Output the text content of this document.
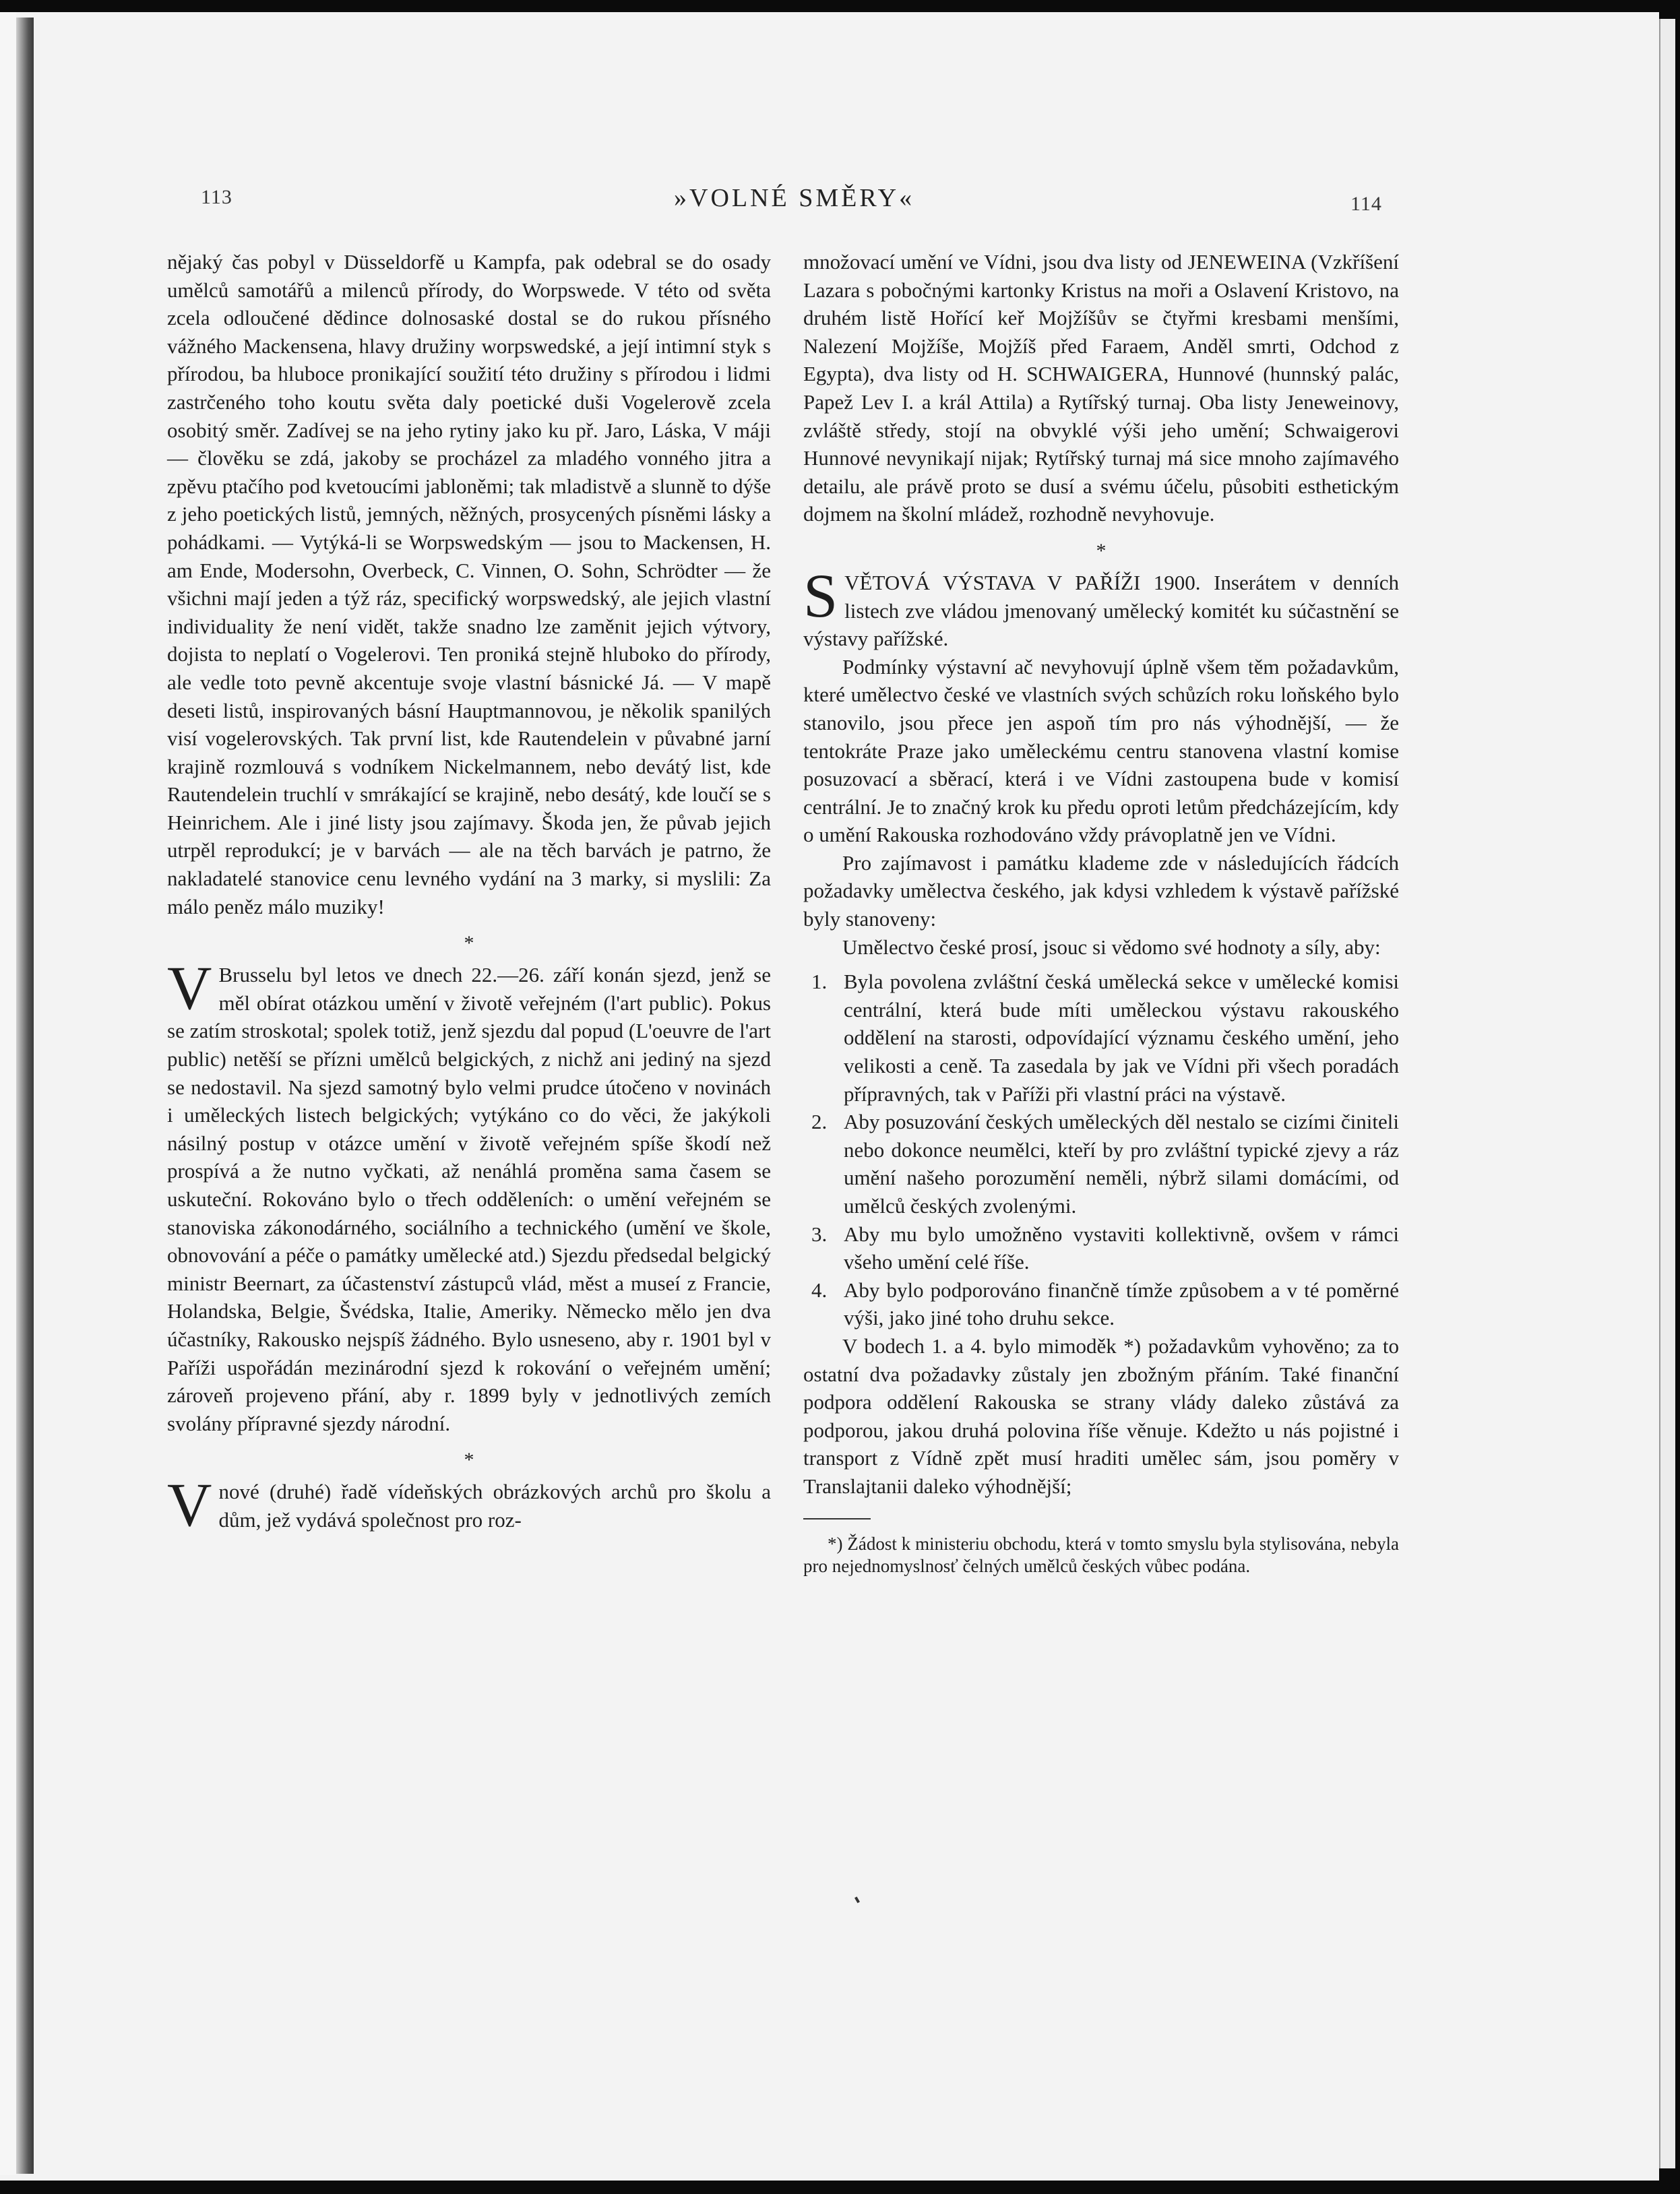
113	»VOLNÉ SMĚRY«	114

nějaký čas pobyl v Düsseldorfě u Kampfa, pak odebral se do osady umělců samotářů a milenců přírody, do Worpswede. V této od světa zcela odloučené dědince dolnosaské dostal se do rukou přísného vážného Mackensena, hlavy družiny worpswedské, a její intimní styk s přírodou, ba hluboce pronikající soužití této družiny s přírodou i lidmi zastrčeného toho koutu světa daly poetické duši Vogelerově zcela osobitý směr. Zadívej se na jeho rytiny jako ku př. Jaro, Láska, V máji — člověku se zdá, jakoby se procházel za mladého vonného jitra a zpěvu ptačího pod kvetoucími jabloněmi; tak mladistvě a slunně to dýše z jeho poetických listů, jemných, něžných, prosycených písněmi lásky a pohádkami. — Vytýká-li se Worpswedským — jsou to Mackensen, H. am Ende, Modersohn, Overbeck, C. Vinnen, O. Sohn, Schrödter — že všichni mají jeden a týž ráz, specifický worpswedský, ale jejich vlastní individuality že není vidět, takže snadno lze zaměnit jejich výtvory, dojista to neplatí o Vogelerovi. Ten proniká stejně hluboko do přírody, ale vedle toto pevně akcentuje svoje vlastní básnické Já. — V mapě deseti listů, inspirovaných básní Hauptmannovou, je několik spanilých visí vogelerovských. Tak první list, kde Rautendelein v půvabné jarní krajině rozmlouvá s vodníkem Nickelmannem, nebo devátý list, kde Rautendelein truchlí v smrákající se krajině, nebo desátý, kde loučí se s Heinrichem. Ale i jiné listy jsou zajímavy. Škoda jen, že půvab jejich utrpěl reprodukcí; je v barvách — ale na těch barvách je patrno, že nakladatelé stanovice cenu levného vydání na 3 marky, si myslili: Za málo peněz málo muziky!

*

V Brusselu byl letos ve dnech 22.—26. září konán sjezd, jenž se měl obírat otázkou umění v životě veřejném (l'art public). Pokus se zatím stroskotal; spolek totiž, jenž sjezdu dal popud (L'oeuvre de l'art public) netěší se přízni umělců belgických, z nichž ani jediný na sjezd se nedostavil. Na sjezd samotný bylo velmi prudce útočeno v novinách i uměleckých listech belgických; vytýkáno co do věci, že jakýkoli násilný postup v otázce umění v životě veřejném spíše škodí než prospívá a že nutno vyčkati, až nenáhlá proměna sama časem se uskuteční. Rokováno bylo o třech odděleních: o umění veřejném se stanoviska zákonodárného, sociálního a technického (umění ve škole, obnovování a péče o památky umělecké atd.) Sjezdu předsedal belgický ministr Beernart, za účastenství zástupců vlád, měst a museí z Francie, Holandska, Belgie, Švédska, Italie, Ameriky. Německo mělo jen dva účastníky, Rakousko nejspíš žádného. Bylo usneseno, aby r. 1901 byl v Paříži uspořádán mezinárodní sjezd k rokování o veřejném umění; zároveň projeveno přání, aby r. 1899 byly v jednotlivých zemích svolány přípravné sjezdy národní.

*

Vnové (druhé) řadě vídeňských obrázkových archů pro školu a dům, jež vydává společnost pro roz-

množovací umění ve Vídni, jsou dva listy od JENEWEINA (Vzkříšení Lazara s pobočnými kartonky Kristus na moři a Oslavení Kristovo, na druhém listě Hořící keř Mojžíšův se čtyřmi kresbami menšími, Nalezení Mojžíše, Mojžíš před Faraem, Anděl smrti, Odchod z Egypta), dva listy od H. SCHWAIGERA, Hunnové (hunnský palác, Papež Lev I. a král Attila) a Rytířský turnaj. Oba listy Jeneweinovy, zvláště středy, stojí na obvyklé výši jeho umění; Schwaigerovi Hunnové nevynikají nijak; Rytířský turnaj má sice mnoho zajímavého detailu, ale právě proto se dusí a svému účelu, působiti esthetickým dojmem na školní mládež, rozhodně nevyhovuje.

*

SVĚTOVÁ VÝSTAVA V PAŘÍŽI 1900. Inserátem v denních listech zve vládou jmenovaný umělecký komitét ku súčastnění se výstavy pařížské.

Podmínky výstavní ač nevyhovují úplně všem těm požadavkům, které umělectvo české ve vlastních svých schůzích roku loňského bylo stanovilo, jsou přece jen aspoň tím pro nás výhodnější, — že tentokráte Praze jako uměleckému centru stanovena vlastní komise posuzovací a sběrací, která i ve Vídni zastoupena bude v komisí centrální. Je to značný krok ku předu oproti letům předcházejícím, kdy o umění Rakouska rozhodováno vždy právoplatně jen ve Vídni.

Pro zajímavost i památku klademe zde v následujících řádcích požadavky umělectva českého, jak kdysi vzhledem k výstavě pařížské byly stanoveny:

Umělectvo české prosí, jsouc si vědomo své hodnoty a síly, aby:

1. Byla povolena zvláštní česká umělecká sekce v umělecké komisi centrální, která bude míti uměleckou výstavu rakouského oddělení na starosti, odpovídající významu českého umění, jeho velikosti a ceně. Ta zasedala by jak ve Vídni při všech poradách přípravných, tak v Paříži při vlastní práci na výstavě.
2. Aby posuzování českých uměleckých děl nestalo se cizími činiteli nebo dokonce neumělci, kteří by pro zvláštní typické zjevy a ráz umění našeho porozumění neměli, nýbrž silami domácími, od umělců českých zvolenými.
3. Aby mu bylo umožněno vystaviti kollektivně, ovšem v rámci všeho umění celé říše.
4. Aby bylo podporováno finančně tímže způsobem a v té poměrné výši, jako jiné toho druhu sekce.

V bodech 1. a 4. bylo mimoděk *) požadavkům vyhověno; za to ostatní dva požadavky zůstaly jen zbožným přáním. Také finanční podpora oddělení Rakouska se strany vlády daleko zůstává za podporou, jakou druhá polovina říše věnuje. Kdežto u nás pojistné i transport z Vídně zpět musí hraditi umělec sám, jsou poměry v Translajtanii daleko výhodnější;

*) Žádost k ministeriu obchodu, která v tomto smyslu byla stylisována, nebyla pro nejednomyslnosť čelných umělců českých vůbec podána.
